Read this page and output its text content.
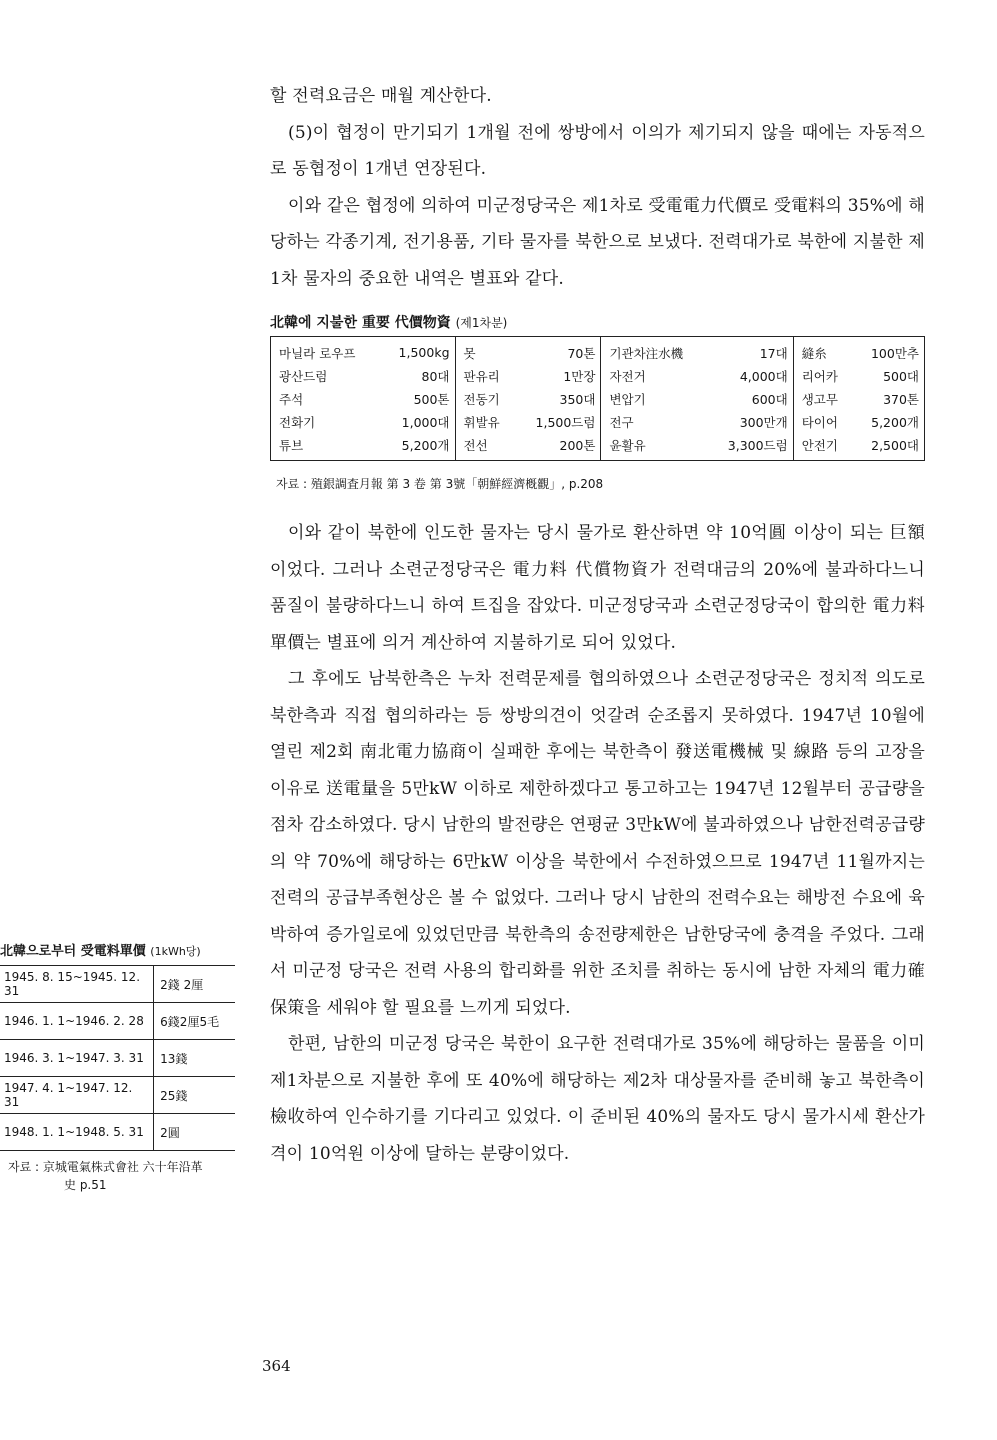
할 전력요금은 매월 계산한다.

(5)이 협정이 만기되기 1개월 전에 쌍방에서 이의가 제기되지 않을 때에는 자동적으로 동협정이 1개년 연장된다.

이와 같은 협정에 의하여 미군정당국은 제1차로 受電電力代價로 受電料의 35%에 해당하는 각종기계, 전기용품, 기타 물자를 북한으로 보냈다. 전력대가로 북한에 지불한 제1차 물자의 중요한 내역은 별표와 같다.

北韓에 지불한 重要 代價物資 (제1차분)
마닐라 로우프	1,500kg	못	70톤	기관차注水機	17대	縫糸	100만추
광산드럼	80대	판유리	1만장	자전거	4,000대	리어카	500대
주석	500톤	전동기	350대	변압기	600대	생고무	370톤
전화기	1,000대	휘발유	1,500드럼	전구	300만개	타이어	5,200개
튜브	5,200개	전선	200톤	윤활유	3,300드럼	안전기	2,500대
자료 : 殖銀調査月報 第 3 卷 第 3號「朝鮮經濟槪觀」, p.208

이와 같이 북한에 인도한 물자는 당시 물가로 환산하면 약 10억圓 이상이 되는 巨額이었다. 그러나 소련군정당국은 電力料 代償物資가 전력대금의 20%에 불과하다느니 품질이 불량하다느니 하여 트집을 잡았다. 미군정당국과 소련군정당국이 합의한 電力料單價는 별표에 의거 계산하여 지불하기로 되어 있었다.

그 후에도 남북한측은 누차 전력문제를 협의하였으나 소련군정당국은 정치적 의도로 북한측과 직접 협의하라는 등 쌍방의견이 엇갈려 순조롭지 못하였다. 1947년 10월에 열린 제2회 南北電力協商이 실패한 후에는 북한측이 發送電機械 및 線路 등의 고장을 이유로 送電量을 5만kW 이하로 제한하겠다고 통고하고는 1947년 12월부터 공급량을 점차 감소하였다. 당시 남한의 발전량은 연평균 3만kW에 불과하였으나 남한전력공급량의 약 70%에 해당하는 6만kW 이상을 북한에서 수전하였으므로 1947년 11월까지는 전력의 공급부족현상은 볼 수 없었다. 그러나 당시 남한의 전력수요는 해방전 수요에 육박하여 증가일로에 있었던만큼 북한측의 송전량제한은 남한당국에 충격을 주었다. 그래서 미군정 당국은 전력 사용의 합리화를 위한 조치를 취하는 동시에 남한 자체의 電力確保策을 세워야 할 필요를 느끼게 되었다.

한편, 남한의 미군정 당국은 북한이 요구한 전력대가로 35%에 해당하는 물품을 이미 제1차분으로 지불한 후에 또 40%에 해당하는 제2차 대상물자를 준비해 놓고 북한측이 檢收하여 인수하기를 기다리고 있었다. 이 준비된 40%의 물자도 당시 물가시세 환산가격이 10억원 이상에 달하는 분량이었다.

北韓으로부터 受電料單價 (1kWh당)
1945. 8. 15~1945. 12. 31	2錢 2厘
1946. 1. 1~1946. 2. 28	6錢2厘5毛
1946. 3. 1~1947. 3. 31	13錢
1947. 4. 1~1947. 12. 31	25錢
1948. 1. 1~1948. 5. 31	2圓
자료 : 京城電氣株式會社 六十年沿革
史 p.51
364
